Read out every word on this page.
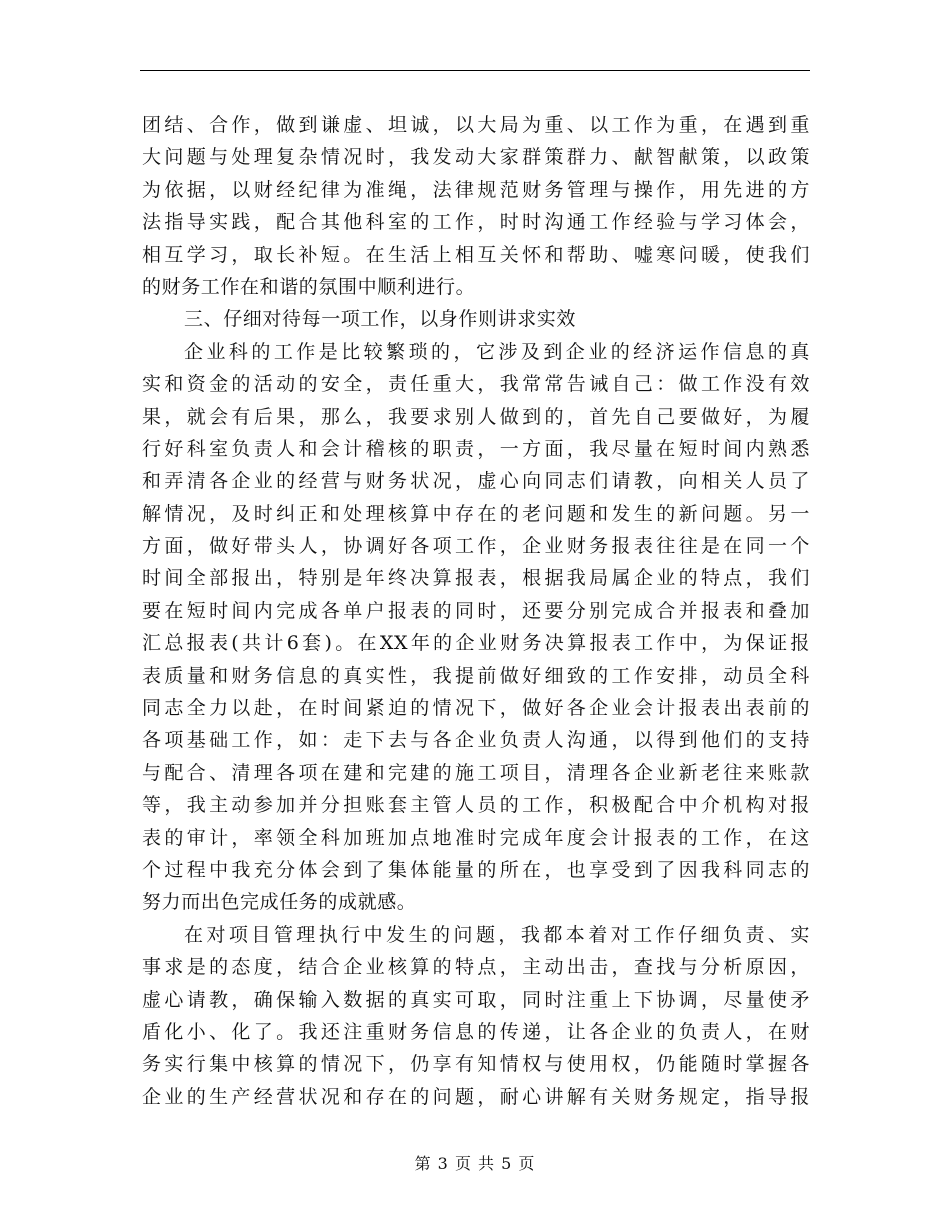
团结、合作，做到谦虚、坦诚，以大局为重、以工作为重，在遇到重
大问题与处理复杂情况时，我发动大家群策群力、献智献策，以政策
为依据，以财经纪律为准绳，法律规范财务管理与操作，用先进的方
法指导实践，配合其他科室的工作，时时沟通工作经验与学习体会，
相互学习，取长补短。在生活上相互关怀和帮助、嘘寒问暖，使我们
的财务工作在和谐的氛围中顺利进行。
三、仔细对待每一项工作，以身作则讲求实效
企业科的工作是比较繁琐的，它涉及到企业的经济运作信息的真
实和资金的活动的安全，责任重大，我常常告诫自己：做工作没有效
果，就会有后果，那么，我要求别人做到的，首先自己要做好，为履
行好科室负责人和会计稽核的职责，一方面，我尽量在短时间内熟悉
和弄清各企业的经营与财务状况，虚心向同志们请教，向相关人员了
解情况，及时纠正和处理核算中存在的老问题和发生的新问题。另一
方面，做好带头人，协调好各项工作，企业财务报表往往是在同一个
时间全部报出，特别是年终决算报表，根据我局属企业的特点，我们
要在短时间内完成各单户报表的同时，还要分别完成合并报表和叠加
汇总报表(共计6套)。在XX年的企业财务决算报表工作中，为保证报
表质量和财务信息的真实性，我提前做好细致的工作安排，动员全科
同志全力以赴，在时间紧迫的情况下，做好各企业会计报表出表前的
各项基础工作，如：走下去与各企业负责人沟通，以得到他们的支持
与配合、清理各项在建和完建的施工项目，清理各企业新老往来账款
等，我主动参加并分担账套主管人员的工作，积极配合中介机构对报
表的审计，率领全科加班加点地准时完成年度会计报表的工作，在这
个过程中我充分体会到了集体能量的所在，也享受到了因我科同志的
努力而出色完成任务的成就感。
在对项目管理执行中发生的问题，我都本着对工作仔细负责、实
事求是的态度，结合企业核算的特点，主动出击，查找与分析原因，
虚心请教，确保输入数据的真实可取，同时注重上下协调，尽量使矛
盾化小、化了。我还注重财务信息的传递，让各企业的负责人，在财
务实行集中核算的情况下，仍享有知情权与使用权，仍能随时掌握各
企业的生产经营状况和存在的问题，耐心讲解有关财务规定，指导报
第 3 页 共 5 页
